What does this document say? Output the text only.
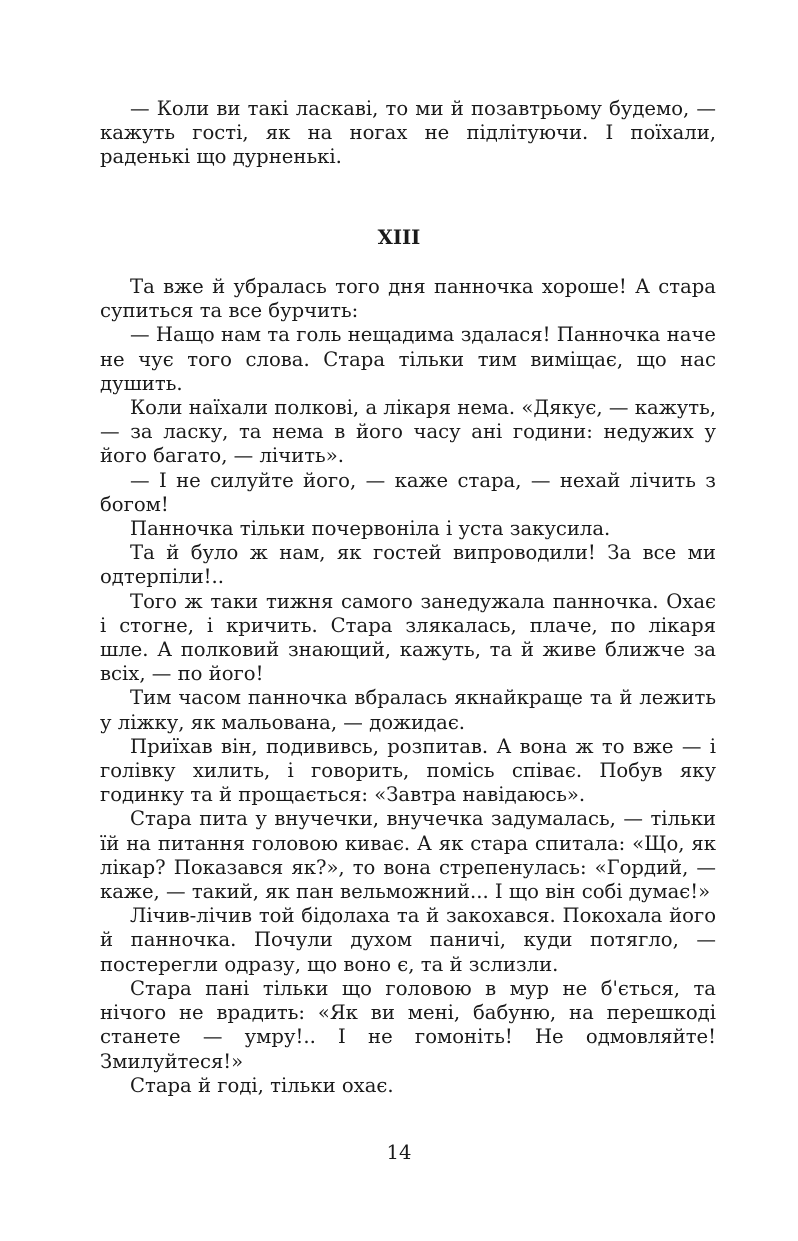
— Коли ви такі ласкаві, то ми й позавтрьому будемо, — кажуть гості, як на ногах не підлітуючи. І поїхали, раденькі що дурненькі.

XIII

Та вже й убралась того дня панночка хороше! А стара супиться та все бурчить:

— Нащо нам та голь нещадима здалася! Панночка наче не чує того слова. Стара тільки тим виміщає, що нас душить.

Коли наїхали полкові, а лікаря нема. «Дякує, — кажуть, — за ласку, та нема в його часу ані години: недужих у його багато, — лічить».

— І не силуйте його, — каже стара, — нехай лічить з богом!

Панночка тільки почервоніла і уста закусила.

Та й було ж нам, як гостей випроводили! За все ми одтерпіли!..

Того ж таки тижня самого занедужала панночка. Охає і стогне, і кричить. Стара злякалась, плаче, по лікаря шле. А полковий знающий, кажуть, та й живе ближче за всіх, — по його!

Тим часом панночка вбралась якнайкраще та й лежить у ліжку, як мальована, — дожидає.

Приїхав він, подививсь, розпитав. А вона ж то вже — і голівку хилить, і говорить, помісь співає. Побув яку годинку та й прощається: «Завтра навідаюсь».

Стара пита у внучечки, внучечка задумалась, — тільки їй на питання головою киває. А як стара спитала: «Що, як лікар? Показався як?», то вона стрепенулась: «Гордий, — каже, — такий, як пан вельможний... І що він собі думає!»

Лічив-лічив той бідолаха та й закохався. Покохала його й панночка. Почули духом паничі, куди потягло, — постерегли одразу, що воно є, та й зслизли.

Стара пані тільки що головою в мур не б'ється, та нічого не врадить: «Як ви мені, бабуню, на перешкоді станете — умру!.. І не гомоніть! Не одмовляйте! Змилуйтеся!»

Стара й годі, тільки охає.

14
